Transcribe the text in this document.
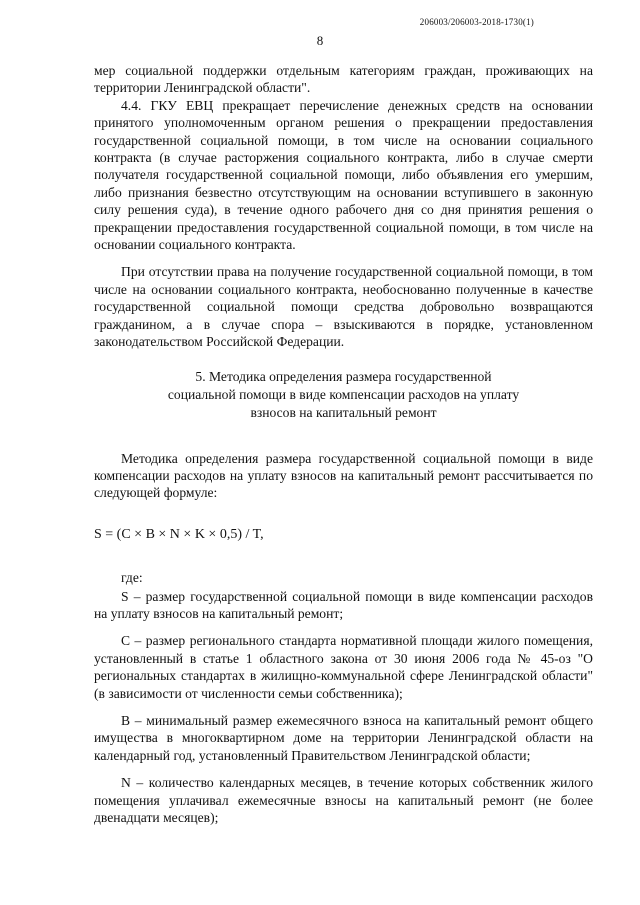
206003/206003-2018-1730(1)
8

мер социальной поддержки отдельным категориям граждан, проживающих на территории Ленинградской области".

4.4. ГКУ ЕВЦ прекращает перечисление денежных средств на основании принятого уполномоченным органом решения о прекращении предоставления государственной социальной помощи, в том числе на основании социального контракта (в случае расторжения социального контракта, либо в случае смерти получателя государственной социальной помощи, либо объявления его умершим, либо признания безвестно отсутствующим на основании вступившего в законную силу решения суда), в течение одного рабочего дня со дня принятия решения о прекращении предоставления государственной социальной помощи, в том числе на основании социального контракта.

При отсутствии права на получение государственной социальной помощи, в том числе на основании социального контракта, необоснованно полученные в качестве государственной социальной помощи средства добровольно возвращаются гражданином, а в случае спора – взыскиваются в порядке, установленном законодательством Российской Федерации.

5. Методика определения размера государственной
социальной помощи в виде компенсации расходов на уплату
взносов на капитальный ремонт

Методика определения размера государственной социальной помощи в виде компенсации расходов на уплату взносов на капитальный ремонт рассчитывается по следующей формуле:

S = (C × B × N × K × 0,5) / T,

где:

S – размер государственной социальной помощи в виде компенсации расходов на уплату взносов на капитальный ремонт;

С – размер регионального стандарта нормативной площади жилого помещения, установленный в статье 1 областного закона от 30 июня 2006 года № 45-оз "О региональных стандартах в жилищно-коммунальной сфере Ленинградской области" (в зависимости от численности семьи собственника);

В – минимальный размер ежемесячного взноса на капитальный ремонт общего имущества в многоквартирном доме на территории Ленинградской области на календарный год, установленный Правительством Ленинградской области;

N – количество календарных месяцев, в течение которых собственник жилого помещения уплачивал ежемесячные взносы на капитальный ремонт (не более двенадцати месяцев);
